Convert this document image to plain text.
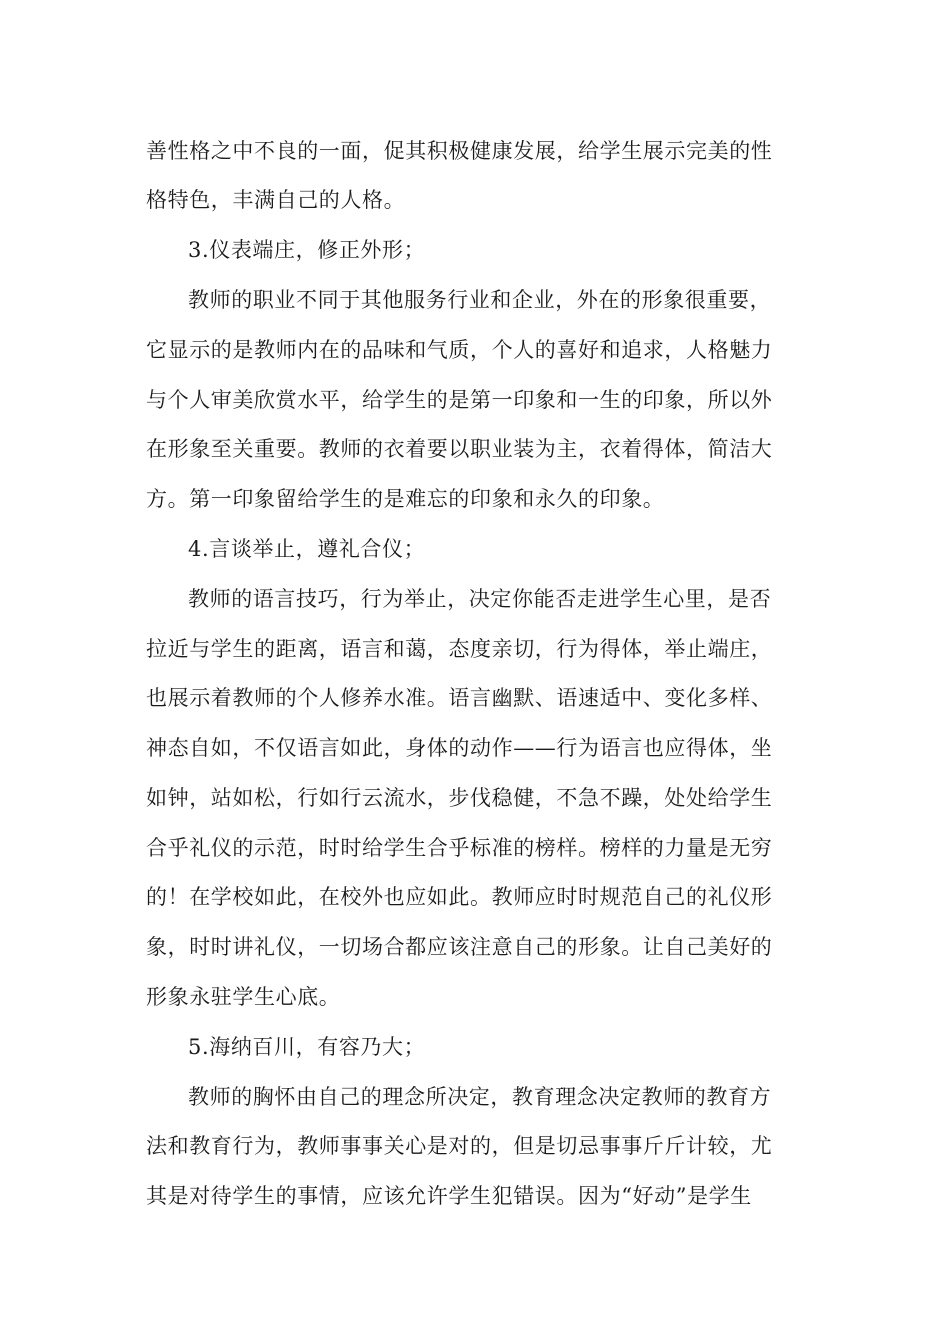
善性格之中不良的一面，促其积极健康发展，给学生展示完美的性
格特色，丰满自己的人格。
3.仪表端庄，修正外形；
教师的职业不同于其他服务行业和企业，外在的形象很重要，
它显示的是教师内在的品味和气质，个人的喜好和追求，人格魅力
与个人审美欣赏水平，给学生的是第一印象和一生的印象，所以外
在形象至关重要。教师的衣着要以职业装为主，衣着得体，简洁大
方。第一印象留给学生的是难忘的印象和永久的印象。
4.言谈举止，遵礼合仪；
教师的语言技巧，行为举止，决定你能否走进学生心里，是否
拉近与学生的距离，语言和蔼，态度亲切，行为得体，举止端庄，
也展示着教师的个人修养水准。语言幽默、语速适中、变化多样、
神态自如，不仅语言如此，身体的动作——行为语言也应得体，坐
如钟，站如松，行如行云流水，步伐稳健，不急不躁，处处给学生
合乎礼仪的示范，时时给学生合乎标准的榜样。榜样的力量是无穷
的！在学校如此，在校外也应如此。教师应时时规范自己的礼仪形
象，时时讲礼仪，一切场合都应该注意自己的形象。让自己美好的
形象永驻学生心底。
5.海纳百川，有容乃大；
教师的胸怀由自己的理念所决定，教育理念决定教师的教育方
法和教育行为，教师事事关心是对的，但是切忌事事斤斤计较，尤
其是对待学生的事情，应该允许学生犯错误。因为“好动”是学生
